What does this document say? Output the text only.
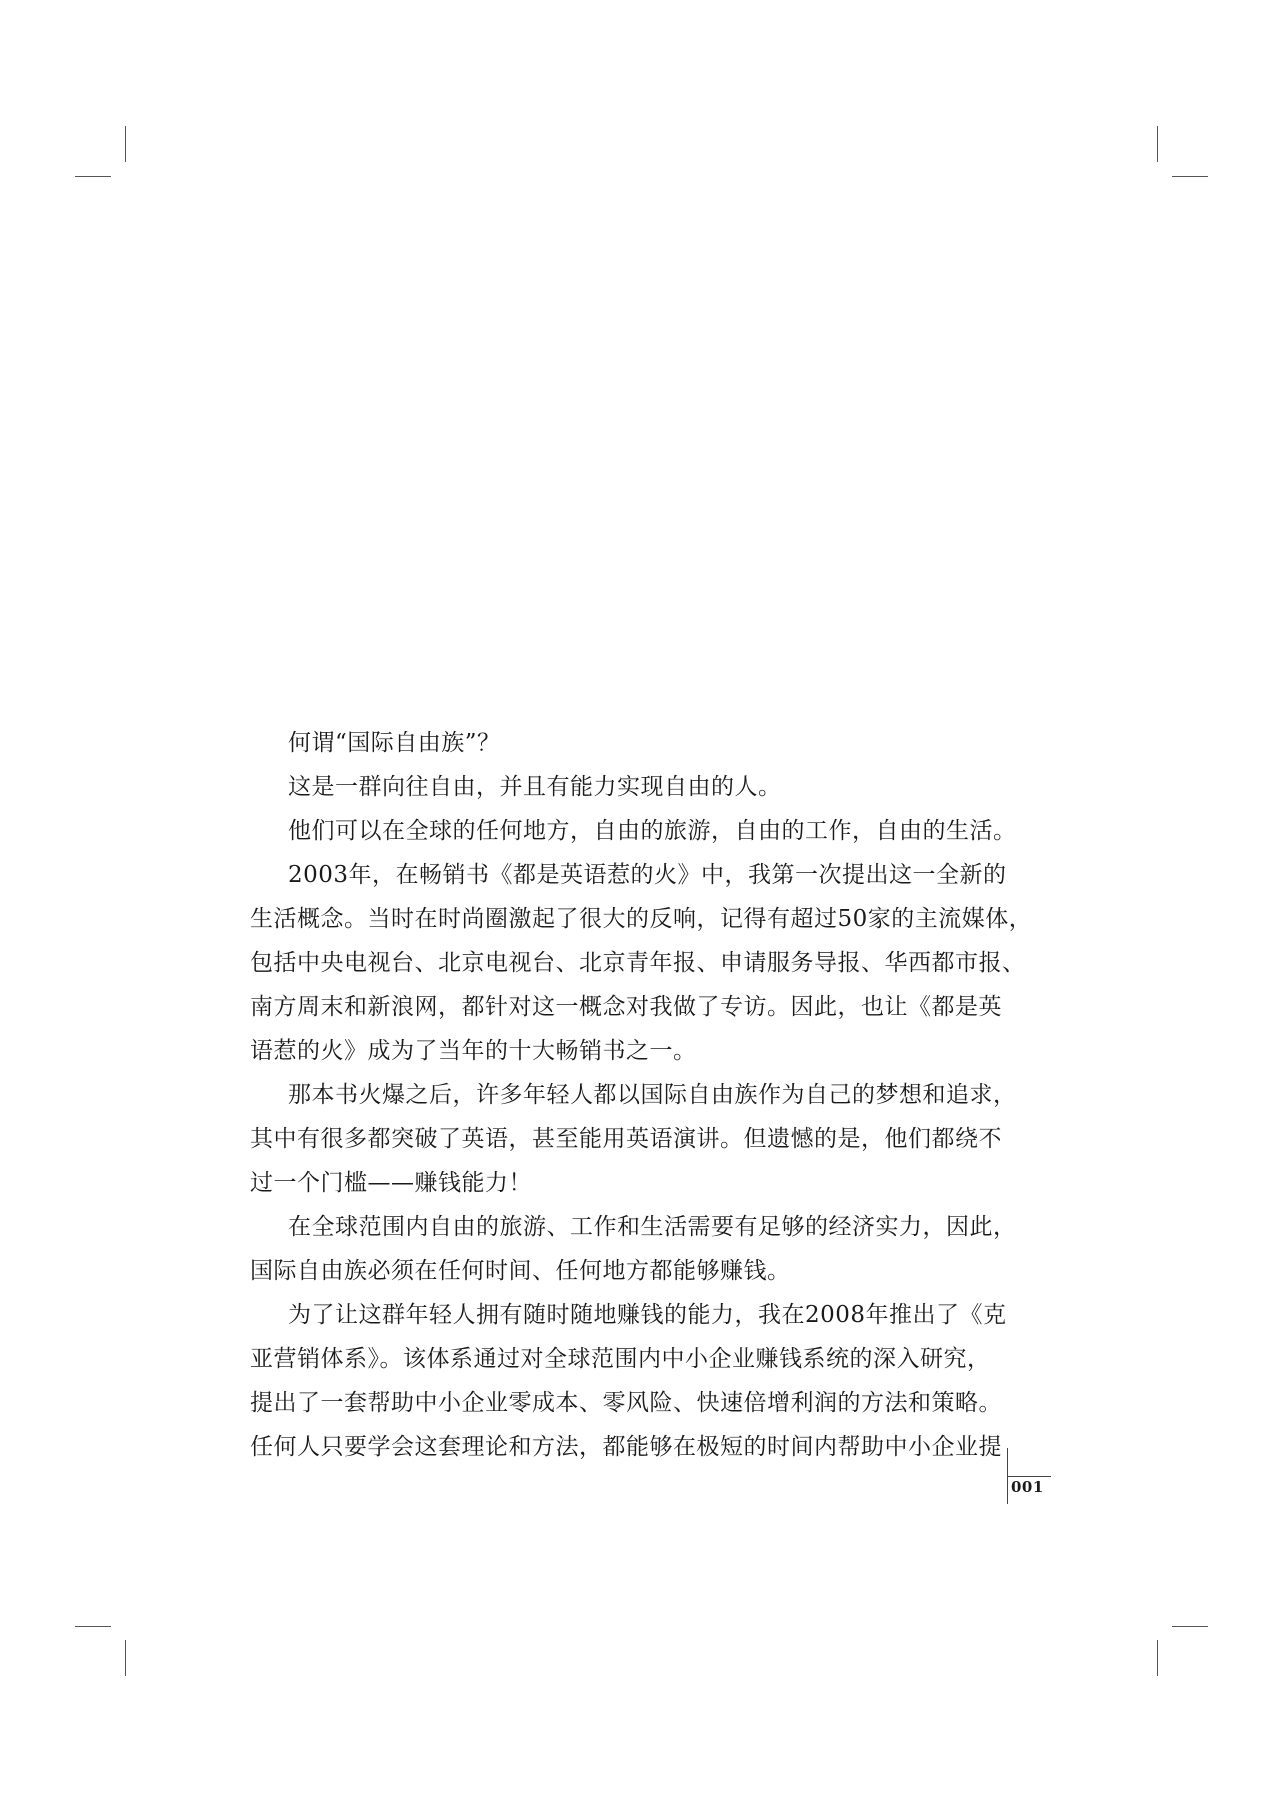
何谓“国际自由族”？
这是一群向往自由，并且有能力实现自由的人。
他们可以在全球的任何地方，自由的旅游，自由的工作，自由的生活。
2003年，在畅销书《都是英语惹的火》中，我第一次提出这一全新的
生活概念。当时在时尚圈激起了很大的反响，记得有超过50家的主流媒体，
包括中央电视台、北京电视台、北京青年报、申请服务导报、华西都市报、
南方周末和新浪网，都针对这一概念对我做了专访。因此，也让《都是英
语惹的火》成为了当年的十大畅销书之一。
那本书火爆之后，许多年轻人都以国际自由族作为自己的梦想和追求，
其中有很多都突破了英语，甚至能用英语演讲。但遗憾的是，他们都绕不
过一个门槛——赚钱能力！
在全球范围内自由的旅游、工作和生活需要有足够的经济实力，因此，
国际自由族必须在任何时间、任何地方都能够赚钱。
为了让这群年轻人拥有随时随地赚钱的能力，我在2008年推出了《克
亚营销体系》。该体系通过对全球范围内中小企业赚钱系统的深入研究，
提出了一套帮助中小企业零成本、零风险、快速倍增利润的方法和策略。
任何人只要学会这套理论和方法，都能够在极短的时间内帮助中小企业提
001
